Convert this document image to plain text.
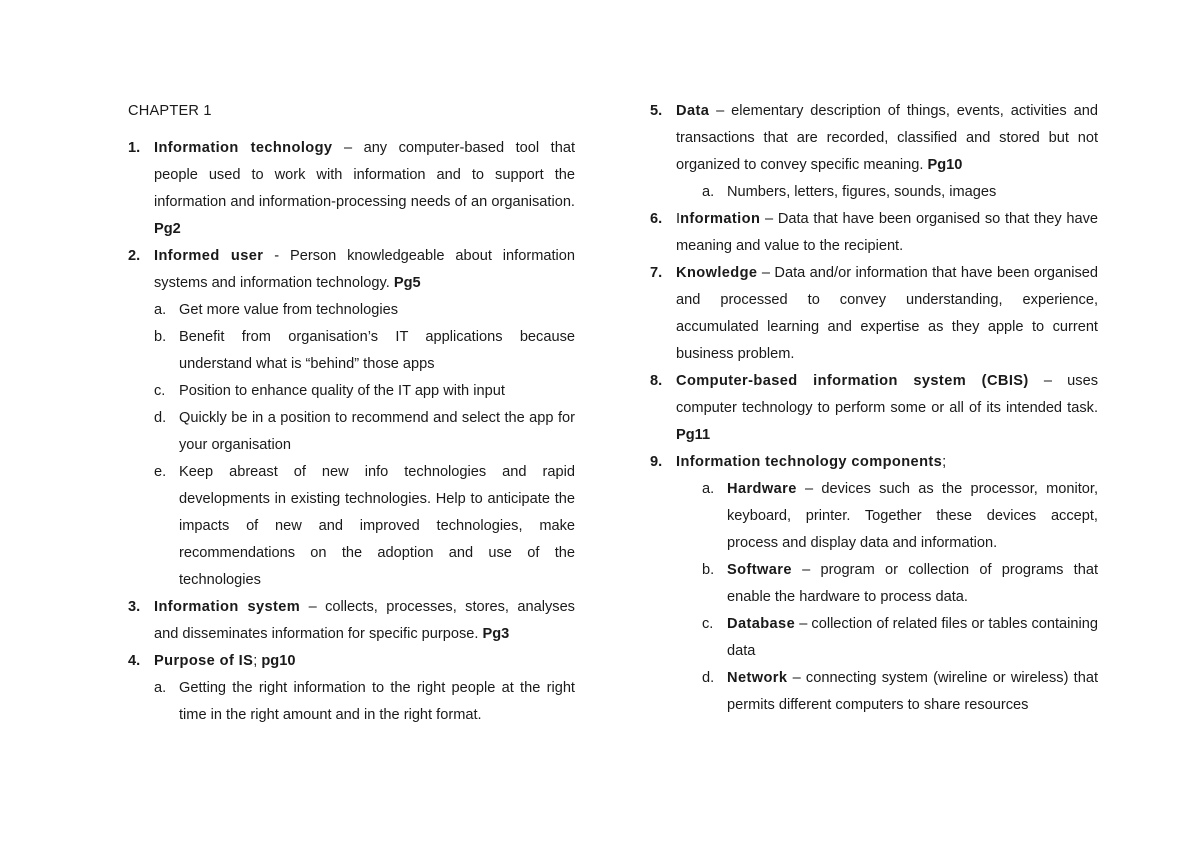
CHAPTER 1
1. Information technology – any computer-based tool that people used to work with information and to support the information and information-processing needs of an organisation. Pg2
2. Informed user - Person knowledgeable about information systems and information technology. Pg5
a. Get more value from technologies
b. Benefit from organisation’s IT applications because understand what is “behind” those apps
c. Position to enhance quality of the IT app with input
d. Quickly be in a position to recommend and select the app for your organisation
e. Keep abreast of new info technologies and rapid developments in existing technologies. Help to anticipate the impacts of new and improved technologies, make recommendations on the adoption and use of the technologies
3. Information system – collects, processes, stores, analyses and disseminates information for specific purpose. Pg3
4. Purpose of IS; pg10
a. Getting the right information to the right people at the right time in the right amount and in the right format.
5. Data – elementary description of things, events, activities and transactions that are recorded, classified and stored but not organized to convey specific meaning. Pg10
a. Numbers, letters, figures, sounds, images
6. Information – Data that have been organised so that they have meaning and value to the recipient.
7. Knowledge – Data and/or information that have been organised and processed to convey understanding, experience, accumulated learning and expertise as they apple to current business problem.
8. Computer-based information system (CBIS) – uses computer technology to perform some or all of its intended task. Pg11
9. Information technology components;
a. Hardware – devices such as the processor, monitor, keyboard, printer. Together these devices accept, process and display data and information.
b. Software – program or collection of programs that enable the hardware to process data.
c. Database – collection of related files or tables containing data
d. Network – connecting system (wireline or wireless) that permits different computers to share resources
